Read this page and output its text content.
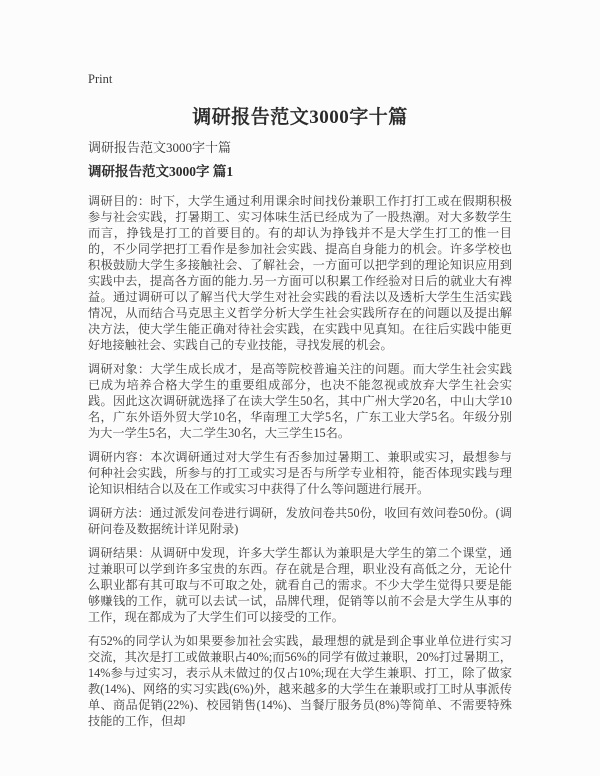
Print
调研报告范文3000字十篇
调研报告范文3000字十篇
调研报告范文3000字 篇1

调研目的：时下，大学生通过利用课余时间找份兼职工作打打工或在假期积极参与社会实践，打暑期工、实习体味生活已经成为了一股热潮。对大多数学生而言，挣钱是打工的首要目的。有的却认为挣钱并不是大学生打工的惟一目的，不少同学把打工看作是参加社会实践、提高自身能力的机会。许多学校也积极鼓励大学生多接触社会、了解社会，一方面可以把学到的理论知识应用到实践中去，提高各方面的能力.另一方面可以积累工作经验对日后的就业大有裨益。通过调研可以了解当代大学生对社会实践的看法以及透析大学生生活实践情况，从而结合马克思主义哲学分析大学生社会实践所存在的问题以及提出解决方法，使大学生能正确对待社会实践，在实践中见真知。在往后实践中能更好地接触社会、实践自己的专业技能，寻找发展的机会。

调研对象：大学生成长成才，是高等院校普遍关注的问题。而大学生社会实践已成为培养合格大学生的重要组成部分，也决不能忽视或放弃大学生社会实践。因此这次调研就选择了在读大学生50名，其中广州大学20名，中山大学10名，广东外语外贸大学10名，华南理工大学5名，广东工业大学5名。年级分别为大一学生5名，大二学生30名，大三学生15名。

调研内容：本次调研通过对大学生有否参加过暑期工、兼职或实习，最想参与何种社会实践，所参与的打工或实习是否与所学专业相符，能否体现实践与理论知识相结合以及在工作或实习中获得了什么等问题进行展开。

调研方法：通过派发问卷进行调研，发放问卷共50份，收回有效问卷50份。(调研问卷及数据统计详见附录)

调研结果：从调研中发现，许多大学生都认为兼职是大学生的第二个课堂，通过兼职可以学到许多宝贵的东西。存在就是合理，职业没有高低之分，无论什么职业都有其可取与不可取之处，就看自己的需求。不少大学生觉得只要是能够赚钱的工作，就可以去试一试，品牌代理，促销等以前不会是大学生从事的工作，现在都成为了大学生们可以接受的工作。

有52%的同学认为如果要参加社会实践，最理想的就是到企事业单位进行实习交流，其次是打工或做兼职占40%;而56%的同学有做过兼职，20%打过暑期工，14%参与过实习，表示从未做过的仅占10%;现在大学生兼职、打工，除了做家教(14%)、网络的实习实践(6%)外，越来越多的大学生在兼职或打工时从事派传单、商品促销(22%)、校园销售(14%)、当餐厅服务员(8%)等简单、不需要特殊技能的工作，但却
